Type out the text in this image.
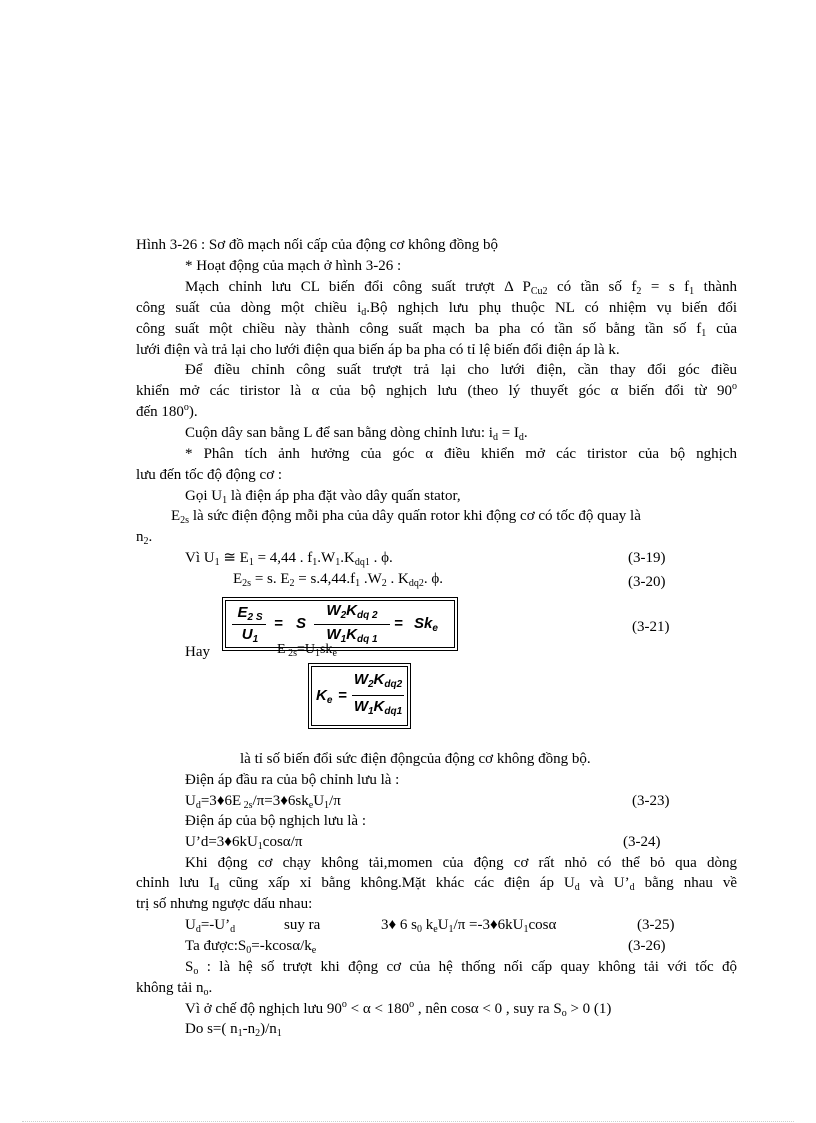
Hình 3-26 : Sơ đồ mạch nối cấp của động cơ không đồng bộ
* Hoạt động của mạch ở hình 3-26 :
Mạch chỉnh lưu CL biến đổi công suất trượt Δ $P_{Cu2}$ có tần số $f_2 = s$ $f_1$ thành
công suất của dòng một chiều $i_d.Bộ$ nghịch lưu phụ thuộc NL có nhiệm vụ biến đổi
công suất một chiều này thành công suất mạch ba pha có tần số bằng tần số $f_1$ của
lưới điện và trả lại cho lưới điện qua biến áp ba pha có tỉ lệ biến đổi điện áp là k.
Để điều chỉnh công suất trượt trả lại cho lưới điện, cần thay đổi góc điều
khiển mở các tiristor là α của bộ nghịch lưu (theo lý thuyết góc α biến đổi từ 90$^o$
đến 180$^o$).
Cuộn dây san bằng L để san bằng dòng chỉnh lưu: $i_d = I_d$.
* Phân tích ảnh hưởng của góc α điều khiển mở các tiristor của bộ nghịch
lưu đến tốc độ động cơ :
Gọi $U_1$ là điện áp pha đặt vào dây quấn stator,
$E_{2s}$ là sức điện động mỗi pha của dây quấn rotor khi động cơ có tốc độ quay là
$n_2$.
Vì $U_1$ ≅ $E_1 = 4,44$ . $f_1.W_1.K_{dq1}$ . ϕ.	(3-19)
$E_{2s} = s$. $E_2 = s.4,44.f_1$ $.W_2$ . $K_{dq2}$. ϕ.	(3-20)
$E_{2 S}$
$U_1$
= S
$W_2K_{dq 2}$
$W_1K_{dq 1}$
= $Sk_e$	(3-21)
Hay	E $_{2s}=U_1sk_e$
$K_e$ =
$W_2K_{dq2}$
$W_1K_{dq1}$
là tỉ số biến đổi sức điện độngcủa động cơ không đồng bộ.
Điện áp đầu ra của bộ chỉnh lưu là :
$U_d=3♦6E$ $_{2s}/\pi=3♦6sk_eU_1/\pi$	(3-23)
Điện áp của bộ nghịch lưu là :
$U’d=3♦6kU_1\cos\alpha/\pi$	(3-24)
Khi động cơ chạy không tải,momen của động cơ rất nhỏ có thể bỏ qua dòng
chỉnh lưu $I_d$ cũng xấp xỉ bằng không.Mặt khác các điện áp $U_d$ và $U’_d$ bằng nhau về
trị số nhưng ngược dấu nhau:
$U_d=-U’_d$	suy ra	3♦ 6 $s_0$ $k_eU_1/\pi$ $=-3♦6kU_1\cos\alpha$	(3-25)
Ta $được:S_0=-kcos\alpha/k_e$	(3-26)
$S_o$ : là hệ số trượt khi động cơ của hệ thống nối cấp quay không tải với tốc độ
không tải $n_o$.
Vì ở chế độ nghịch lưu $90^o < \alpha < 180^o$ , nên cosα < 0 , suy ra $S_o > 0$ (1)
Do s=( $n_1-n_2)/n_1$
